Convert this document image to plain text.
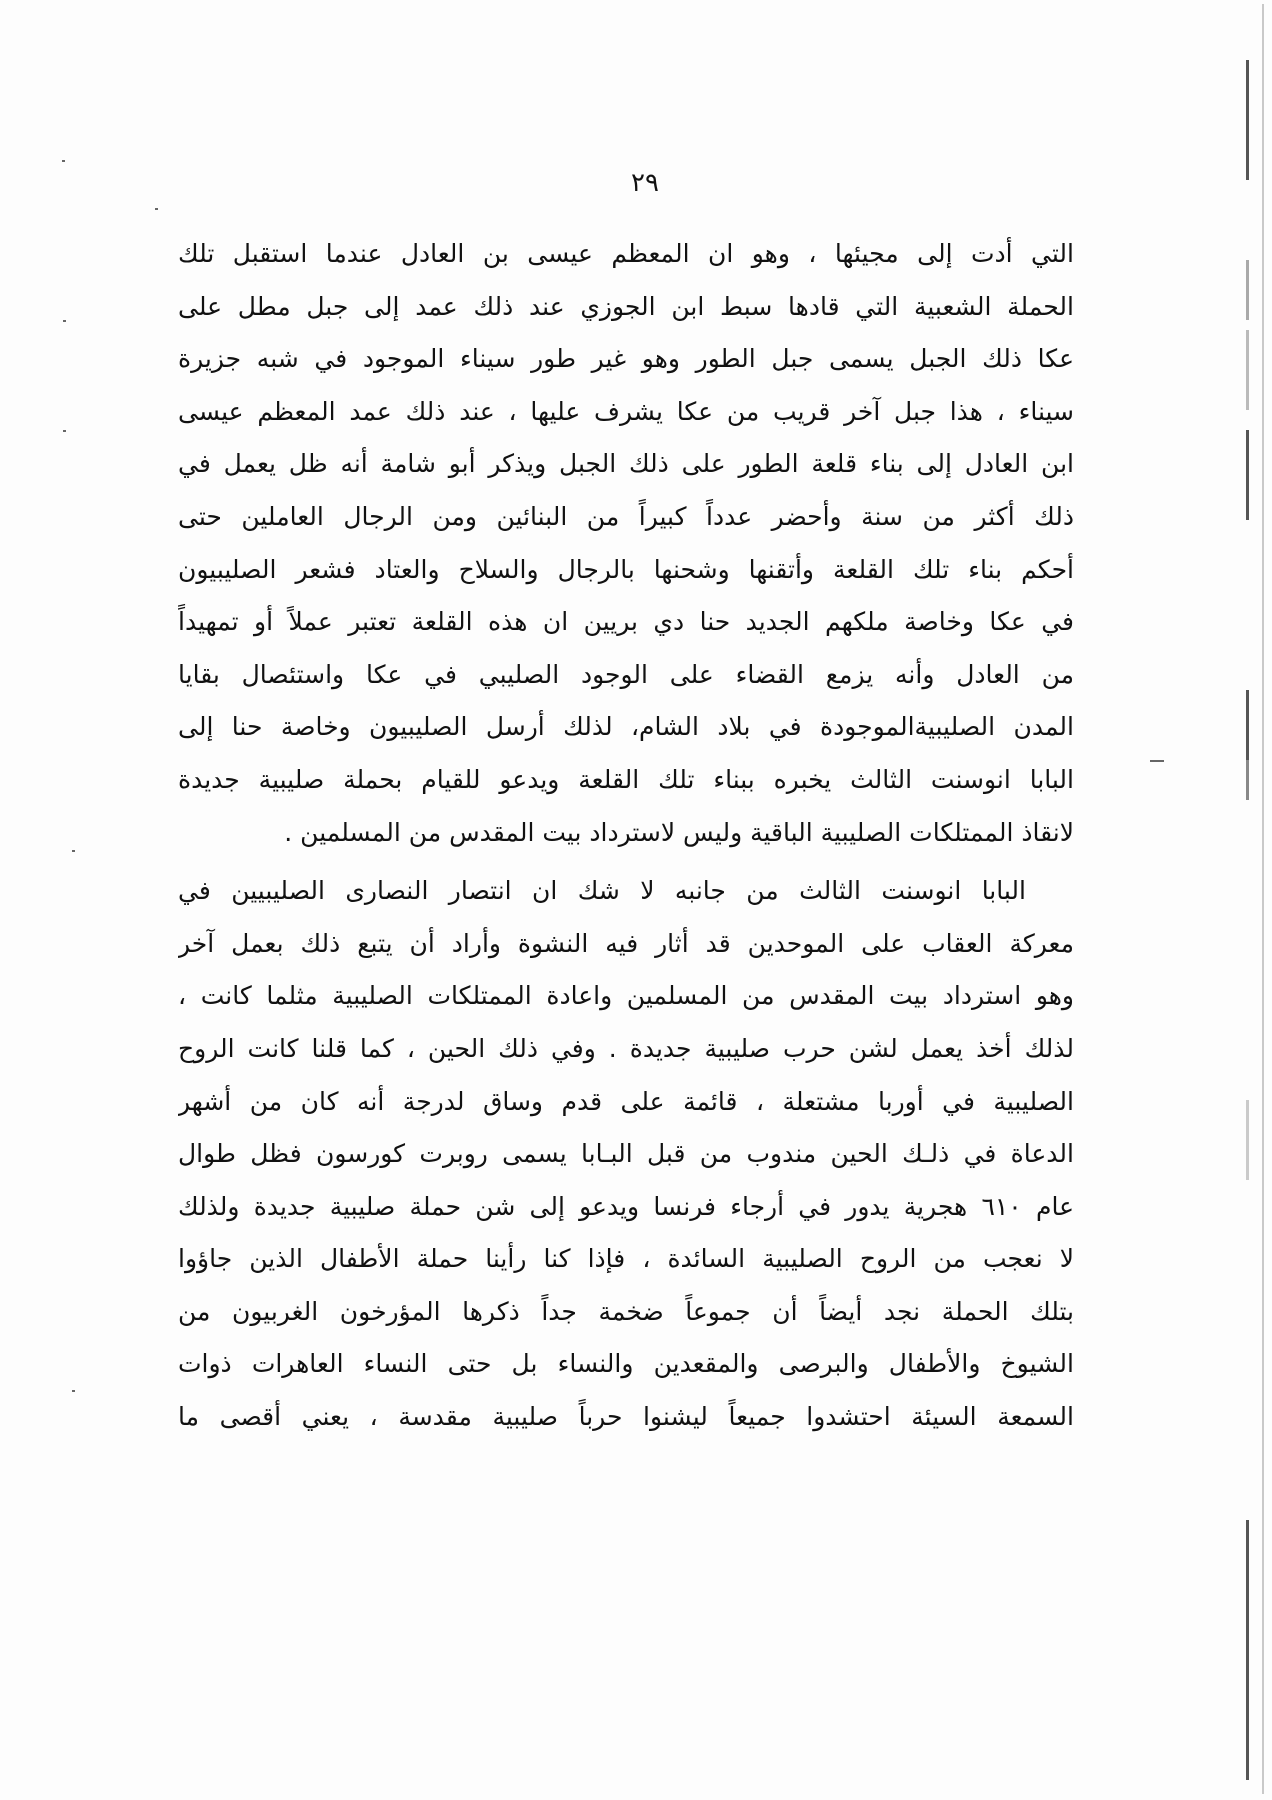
٢٩
التي أدت إلى مجيئها ، وهو ان المعظم عيسى بن العادل عندما استقبل تلك
الحملة الشعبية التي قادها سبط ابن الجوزي عند ذلك عمد إلى جبل مطل على
عكا ذلك الجبل يسمى جبل الطور وهو غير طور سيناء الموجود في شبه جزيرة
سيناء ، هذا جبل آخر قريب من عكا يشرف عليها ، عند ذلك عمد المعظم عيسى
ابن العادل إلى بناء قلعة الطور على ذلك الجبل ويذكر أبو شامة أنه ظل يعمل في
ذلك أكثر من سنة وأحضر عدداً كبيراً من البنائين ومن الرجال العاملين حتى
أحكم بناء تلك القلعة وأتقنها وشحنها بالرجال والسلاح والعتاد فشعر الصليبيون
في عكا وخاصة ملكهم الجديد حنا دي بريين ان هذه القلعة تعتبر عملاً أو تمهيداً
من العادل وأنه يزمع القضاء على الوجود الصليبي في عكا واستئصال بقايا
المدن الصليبيةالموجودة في بلاد الشام، لذلك أرسل الصليبيون وخاصة حنا إلى
البابا انوسنت الثالث يخبره ببناء تلك القلعة ويدعو للقيام بحملة صليبية جديدة
لانقاذ الممتلكات الصليبية الباقية وليس لاسترداد بيت المقدس من المسلمين .
البابا انوسنت الثالث من جانبه لا شك ان انتصار النصارى الصليبيين في
معركة العقاب على الموحدين قد أثار فيه النشوة وأراد أن يتبع ذلك بعمل آخر
وهو استرداد بيت المقدس من المسلمين واعادة الممتلكات الصليبية مثلما كانت ،
لذلك أخذ يعمل لشن حرب صليبية جديدة . وفي ذلك الحين ، كما قلنا كانت الروح
الصليبية في أوربا مشتعلة ، قائمة على قدم وساق لدرجة أنه كان من أشهر
الدعاة في ذلـك الحين مندوب من قبل البـابا يسمى روبرت كورسون فظل طوال
عام ٦١٠ هجرية يدور في أرجاء فرنسا ويدعو إلى شن حملة صليبية جديدة ولذلك
لا نعجب من الروح الصليبية السائدة ، فإذا كنا رأينا حملة الأطفال الذين جاؤوا
بتلك الحملة نجد أيضاً أن جموعاً ضخمة جداً ذكرها المؤرخون الغربيون من
الشيوخ والأطفال والبرصى والمقعدين والنساء بل حتى النساء العاهرات ذوات
السمعة السيئة احتشدوا جميعاً ليشنوا حرباً صليبية مقدسة ، يعني أقصى ما
